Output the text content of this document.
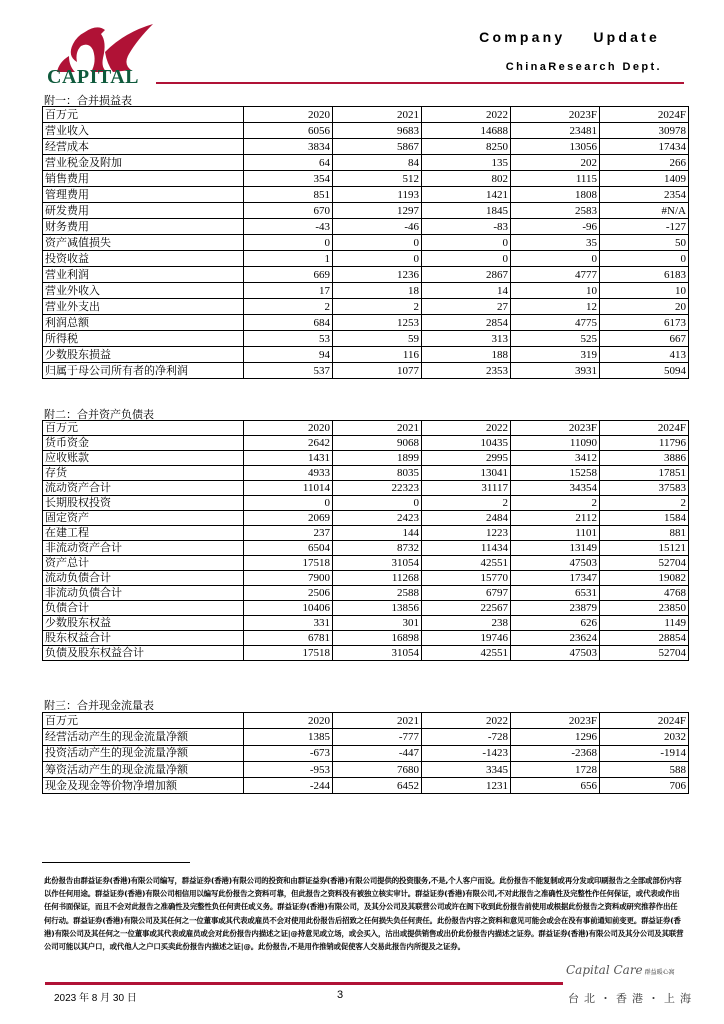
CAPITAL
Company Update
ChinaResearch Dept.
附一：合并损益表
百万元	2020	2021	2022	2023F	2024F
营业收入	6056	9683	14688	23481	30978
经营成本	3834	5867	8250	13056	17434
营业税金及附加	64	84	135	202	266
销售费用	354	512	802	1115	1409
管理费用	851	1193	1421	1808	2354
研发费用	670	1297	1845	2583	#N/A
财务费用	-43	-46	-83	-96	-127
资产减值损失	0	0	0	35	50
投资收益	1	0	0	0	0
营业利润	669	1236	2867	4777	6183
营业外收入	17	18	14	10	10
营业外支出	2	2	27	12	20
利润总额	684	1253	2854	4775	6173
所得税	53	59	313	525	667
少数股东损益	94	116	188	319	413
归属于母公司所有者的净利润	537	1077	2353	3931	5094
附二：合并资产负债表
百万元	2020	2021	2022	2023F	2024F
货币资金	2642	9068	10435	11090	11796
应收账款	1431	1899	2995	3412	3886
存货	4933	8035	13041	15258	17851
流动资产合计	11014	22323	31117	34354	37583
长期股权投资	0	0	2	2	2
固定资产	2069	2423	2484	2112	1584
在建工程	237	144	1223	1101	881
非流动资产合计	6504	8732	11434	13149	15121
资产总计	17518	31054	42551	47503	52704
流动负债合计	7900	11268	15770	17347	19082
非流动负债合计	2506	2588	6797	6531	4768
负债合计	10406	13856	22567	23879	23850
少数股东权益	331	301	238	626	1149
股东权益合计	6781	16898	19746	23624	28854
负债及股东权益合计	17518	31054	42551	47503	52704
附三：合并现金流量表
百万元	2020	2021	2022	2023F	2024F
经营活动产生的现金流量净额	1385	-777	-728	1296	2032
投资活动产生的现金流量净额	-673	-447	-1423	-2368	-1914
筹资活动产生的现金流量净额	-953	7680	3345	1728	588
现金及现金等价物净增加额	-244	6452	1231	656	706
此份报告由群益证券(香港)有限公司编写，群益证券(香港)有限公司的投资和由群证益券(香港)有限公司提供的投资服务,不是,个人客户而设。此份报告不能复制或再分发或印刷报告之全部或部份内容以作任何用途。群益证券(香港)有限公司相信用以编写此份报告之资料可靠，但此报告之资料没有被独立核实审计。群益证券(香港)有限公司,不对此报告之准确性及完整性作任何保证，或代表或作出任何书面保证，而且不会对此报告之准确性及完整性负任何责任或义务。群益证券(香港)有限公司，及其分公司及其联营公司或许在阁下收到此份报告前使用或根据此份报告之资料或研究推荐作出任何行动。群益证券(香港)有限公司及其任何之一位董事或其代表或雇员不会对使用此份报告后招致之任何损失负任何责任。此份报告内容之资料和意见可能会或会在没有事前通知前变更。群益证券(香港)有限公司及其任何之一位董事或其代表或雇员或会对此份报告内描述之证|@持意见或立场，或会买入，沽出或提供销售或出价此份报告内描述之证券。群益证券(香港)有限公司及其分公司及其联营公司可能以其户口，或代他人之户口买卖此份报告内描述之证|@。此份报告,不是用作推销或促使客人交易此报告内所提及之证券。
Capital Care 群益暖心窩
2023 年 8 月 30 日	3	台北・香港・上海
